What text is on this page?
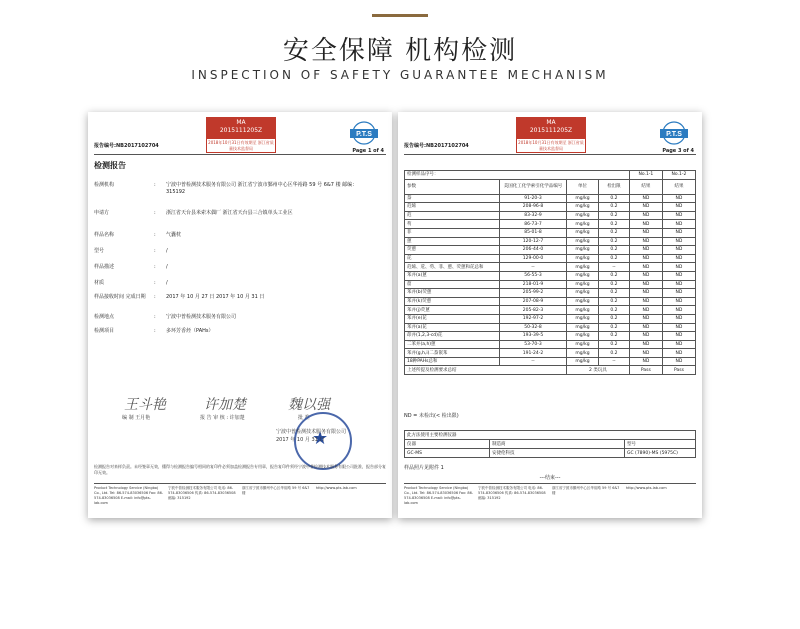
安全保障 机构检测
INSPECTION OF SAFETY GUARANTEE MECHANISM
MA
2015111205Z
2018年10月31日有效期至 浙江省质量技术监督局
P.T.S
报告编号:NB2017102704
Page 1 of 4
检测报告
检测机构	:	宁波中普检测技术服务有限公司 浙江省宁波市鄞州中心区华裕路 59 号 6&7 楼 邮编：315192
申请方	:	浙江省天台县米索木偶厂 浙江省天台县三合镇单头工业区
样品名称	:	气囊枕
型号	:	/
样品描述	:	/
材质	:	/
样品接收时间 完成日期	:	2017 年 10 月 27 日 2017 年 10 月 31 日
检测地点	:	宁波中普检测技术服务有限公司
检测项目	:	多环芳香烃（PAHs）
王斗艳
编 制 王月艳
许加楚
报 告 审 核 : 许加楚
魏以强
批 准
★
宁波中普检测技术服务有限公司
2017 年 10 月 31 日
检测报告对来样负责。未经签章无效，懂得与检测报告编号相同的复印件必须加盖检测报告专用章，报告复印件须经宁波中普检测技术服务有限公司批准，报告部分复印无效。
Product Technology Service (Ningbo) Co., Ltd. Tel: 86-574-83036506 Fax: 86-574-83036508 E-mail: info@pts-lab.com
宁波中普检测技术服务有限公司 电话: 86-574-83036506 传真: 86-574-83036508 邮编: 315192
浙江省宁波市鄞州中心区华裕路 59 号 6&7 楼
http://www.pts-lab.com
MA
2015111205Z
2018年10月31日有效期至 浙江省质量技术监督局
P.T.S
报告编号:NB2017102704
Page 3 of 4
检测样品序号：				No.1-1	No.1-2
参数	美国化工化学索引化学品编号	单位	检出限	结果	结果
萘	91-20-3	mg/kg	0.2	ND	ND
苊烯	208-96-8	mg/kg	0.2	ND	ND
苊	83-32-9	mg/kg	0.2	ND	ND
芴	86-73-7	mg/kg	0.2	ND	ND
菲	85-01-8	mg/kg	0.2	ND	ND
蒽	120-12-7	mg/kg	0.2	ND	ND
荧蒽	206-44-0	mg/kg	0.2	ND	ND
芘	129-00-0	mg/kg	0.2	ND	ND
苊烯、苊、芴、菲、蒽、荧蒽和芘总和	--	mg/kg	--	ND	ND
苯并(a)蒽	56-55-3	mg/kg	0.2	ND	ND
䓛	218-01-9	mg/kg	0.2	ND	ND
苯并(b)荧蒽	205-99-2	mg/kg	0.2	ND	ND
苯并(k)荧蒽	207-08-9	mg/kg	0.2	ND	ND
苯并(j)荧蒽	205-82-3	mg/kg	0.2	ND	ND
苯并(e)芘	192-97-2	mg/kg	0.2	ND	ND
苯并(a)芘	50-32-8	mg/kg	0.2	ND	ND
茚并(1,2,3-cd)芘	193-39-5	mg/kg	0.2	ND	ND
二苯并(a,h)蒽	53-70-3	mg/kg	0.2	ND	ND
苯并(g,h,i)二萘嵌苯	191-24-2	mg/kg	0.2	ND	ND
18种PAHs总和	--	mg/kg	--	ND	ND
上述所提及检测要求总结		2 类玩具		Pass	Pass
ND = 未检出(< 检出限)
此方法使用主要检测仪器		
仪器	制造商	型号
GC-MS	安捷伦科技	GC (7890)-MS (5975C)
样品照片见附件 1
---结束---
Product Technology Service (Ningbo) Co., Ltd. Tel: 86-574-83036506 Fax: 86-574-83036508 E-mail: info@pts-lab.com
宁波中普检测技术服务有限公司 电话: 86-574-83036506 传真: 86-574-83036508 邮编: 315192
浙江省宁波市鄞州中心区华裕路 59 号 6&7 楼
http://www.pts-lab.com
